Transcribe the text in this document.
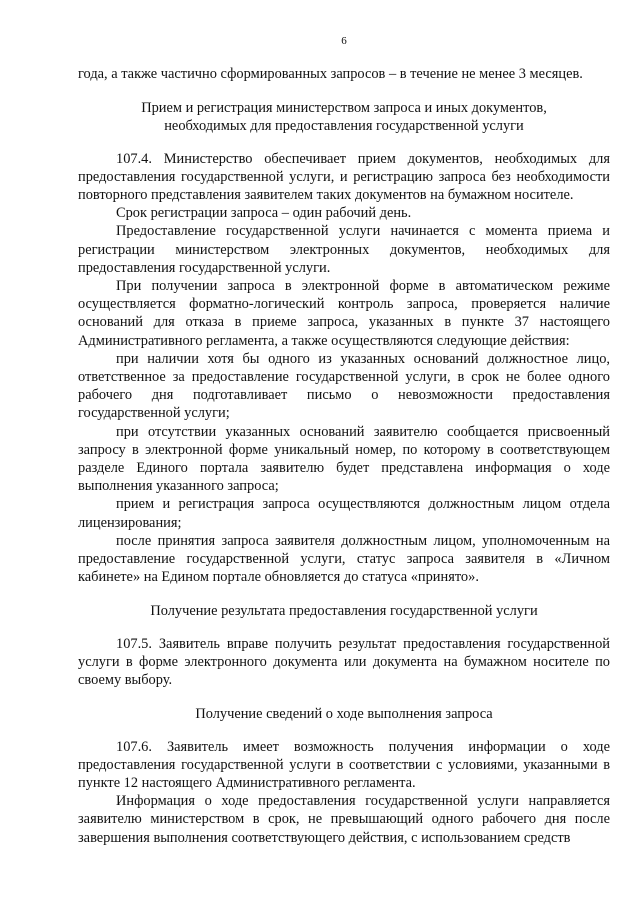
6

года, а также частично сформированных запросов – в течение не менее 3 месяцев.

Прием и регистрация министерством запроса и иных документов, необходимых для предоставления государственной услуги

107.4. Министерство обеспечивает прием документов, необходимых для предоставления государственной услуги, и регистрацию запроса без необходимости повторного представления заявителем таких документов на бумажном носителе.

Срок регистрации запроса – один рабочий день.

Предоставление государственной услуги начинается с момента приема и регистрации министерством электронных документов, необходимых для предоставления государственной услуги.

При получении запроса в электронной форме в автоматическом режиме осуществляется форматно-логический контроль запроса, проверяется наличие оснований для отказа в приеме запроса, указанных в пункте 37 настоящего Административного регламента, а также осуществляются следующие действия:

при наличии хотя бы одного из указанных оснований должностное лицо, ответственное за предоставление государственной услуги, в срок не более одного рабочего дня подготавливает письмо о невозможности предоставления государственной услуги;

при отсутствии указанных оснований заявителю сообщается присвоенный запросу в электронной форме уникальный номер, по которому в соответствующем разделе Единого портала заявителю будет представлена информация о ходе выполнения указанного запроса;

прием и регистрация запроса осуществляются должностным лицом отдела лицензирования;

после принятия запроса заявителя должностным лицом, уполномоченным на предоставление государственной услуги, статус запроса заявителя в «Личном кабинете» на Едином портале обновляется до статуса «принято».

Получение результата предоставления государственной услуги

107.5. Заявитель вправе получить результат предоставления государственной услуги в форме электронного документа или документа на бумажном носителе по своему выбору.

Получение сведений о ходе выполнения запроса

107.6. Заявитель имеет возможность получения информации о ходе предоставления государственной услуги в соответствии с условиями, указанными в пункте 12 настоящего Административного регламента.

Информация о ходе предоставления государственной услуги направляется заявителю министерством в срок, не превышающий одного рабочего дня после завершения выполнения соответствующего действия, с использованием средств
